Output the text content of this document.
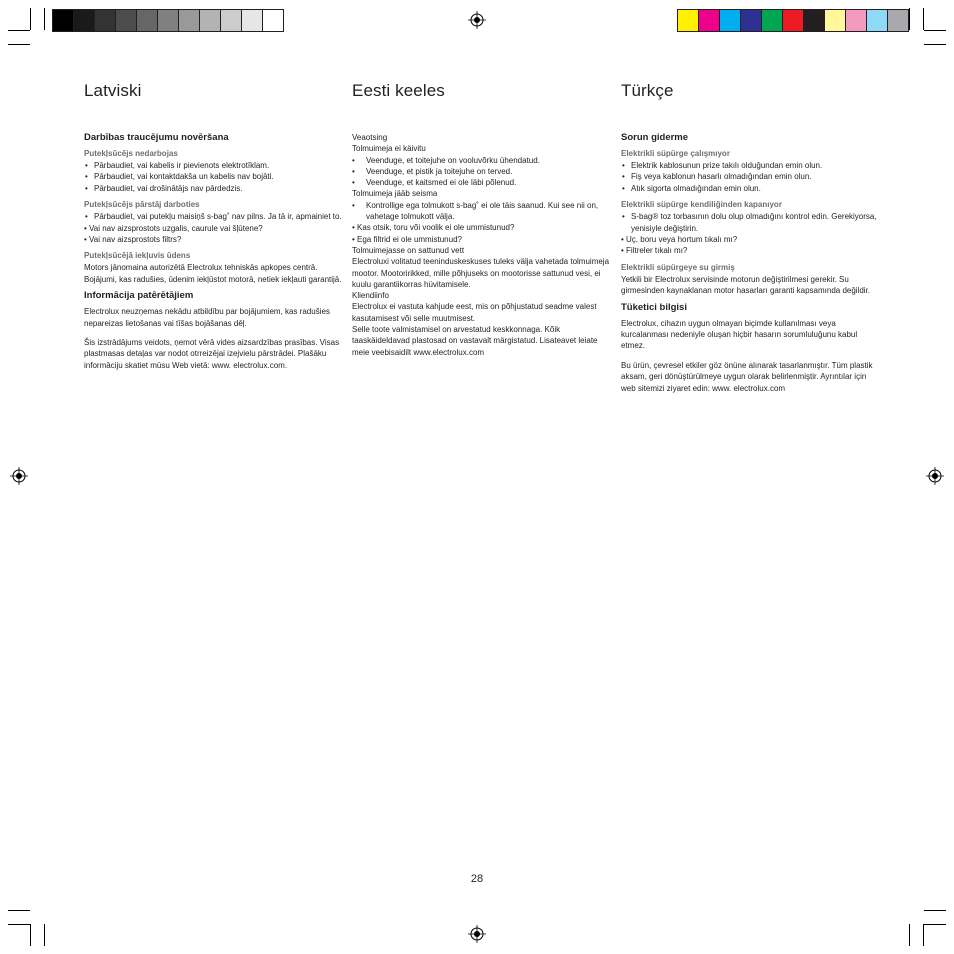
Latviski
Darbības traucējumu novēršana
Putekļsūcējs nedarbojas
• Pārbaudiet, vai kabelis ir pievienots elektrotīklam.
• Pārbaudiet, vai kontaktdakša un kabelis nav bojāti.
• Pārbaudiet, vai drošinātājs nav pārdedzis.
Putekļsūcējs pārstāj darboties
• Pārbaudiet, vai putekļu maisiņš s-bag˚ nav pilns. Ja tā ir, apmainiet to.
• Vai nav aizsprostots uzgalis, caurule vai šļūtene?
• Vai nav aizsprostots filtrs?
Putekļsūcējā iekļuvis ūdens
Motors jānomaina autorizētā Electrolux tehniskās apkopes centrā. Bojājumi, kas radušies, ūdenim iekļūstot motorā, netiek iekļauti garantijā.
Informācija patērētājiem
Electrolux neuzņemas nekādu atbildību par bojājumiem, kas radušies nepareizas lietošanas vai tīšas bojāšanas dēļ.
Šis izstrādājums veidots, ņemot vērā vides aizsardzības prasības. Visas plastmasas detaļas var nodot otrreizējai izejvielu pārstrādei. Plašāku informāciju skatiet mūsu Web vietā: www. electrolux.com.
Eesti keeles
Veaotsing
Tolmuimeja ei käivitu
• Veenduge, et toitejuhe on vooluvõrku ühendatud.
• Veenduge, et pistik ja toitejuhe on terved.
• Veenduge, et kaitsmed ei ole läbi põlenud.
Tolmuimeja jääb seisma
• Kontrollige ega tolmukott s-bag˚ ei ole täis saanud. Kui see nii on, vahetage tolmukott välja.
• Kas otsik, toru või voolik ei ole ummistunud?
• Ega filtrid ei ole ummistunud?
Tolmuimejasse on sattunud vett
Electroluxi volitatud teeninduskeskuses tuleks välja vahetada tolmuimeja mootor. Mootoririkked, mille põhjuseks on mootorisse sattunud vesi, ei kuulu garantiikorras hüvitamisele.
Kliendiinfo
Electrolux ei vastuta kahjude eest, mis on põhjustatud seadme valest kasutamisest või selle muutmisest.
Selle toote valmistamisel on arvestatud keskkonnaga. Kõik taaskäideldavad plastosad on vastavalt märgistatud. Lisateavet leiate meie veebisaidilt www.electrolux.com
Türkçe
Sorun giderme
Elektrikli süpürge çalışmıyor
• Elektrik kablosunun prize takılı olduğundan emin olun.
• Fiş veya kablonun hasarlı olmadığından emin olun.
• Atık sigorta olmadığından emin olun.
Elektrikli süpürge kendiliğinden kapanıyor
• S-bag® toz torbasının dolu olup olmadığını kontrol edin. Gerekiyorsa, yenisiyle değiştirin.
• Uç, boru veya hortum tıkalı mı?
• Filtreler tıkalı mı?
Elektrikli süpürgeye su girmiş
Yetkili bir Electrolux servisinde motorun değiştirilmesi gerekir. Su girmesinden kaynaklanan motor hasarları garanti kapsamında değildir.
Tüketici bilgisi
Electrolux, cihazın uygun olmayan biçimde kullanılması veya kurcalanması nedeniyle oluşan hiçbir hasarın sorumluluğunu kabul etmez.
Bu ürün, çevresel etkiler göz önüne alınarak tasarlanmıştır. Tüm plastik aksam, geri dönüştürülmeye uygun olarak belirlenmiştir. Ayrıntılar için web sitemizi ziyaret edin: www. electrolux.com
28
